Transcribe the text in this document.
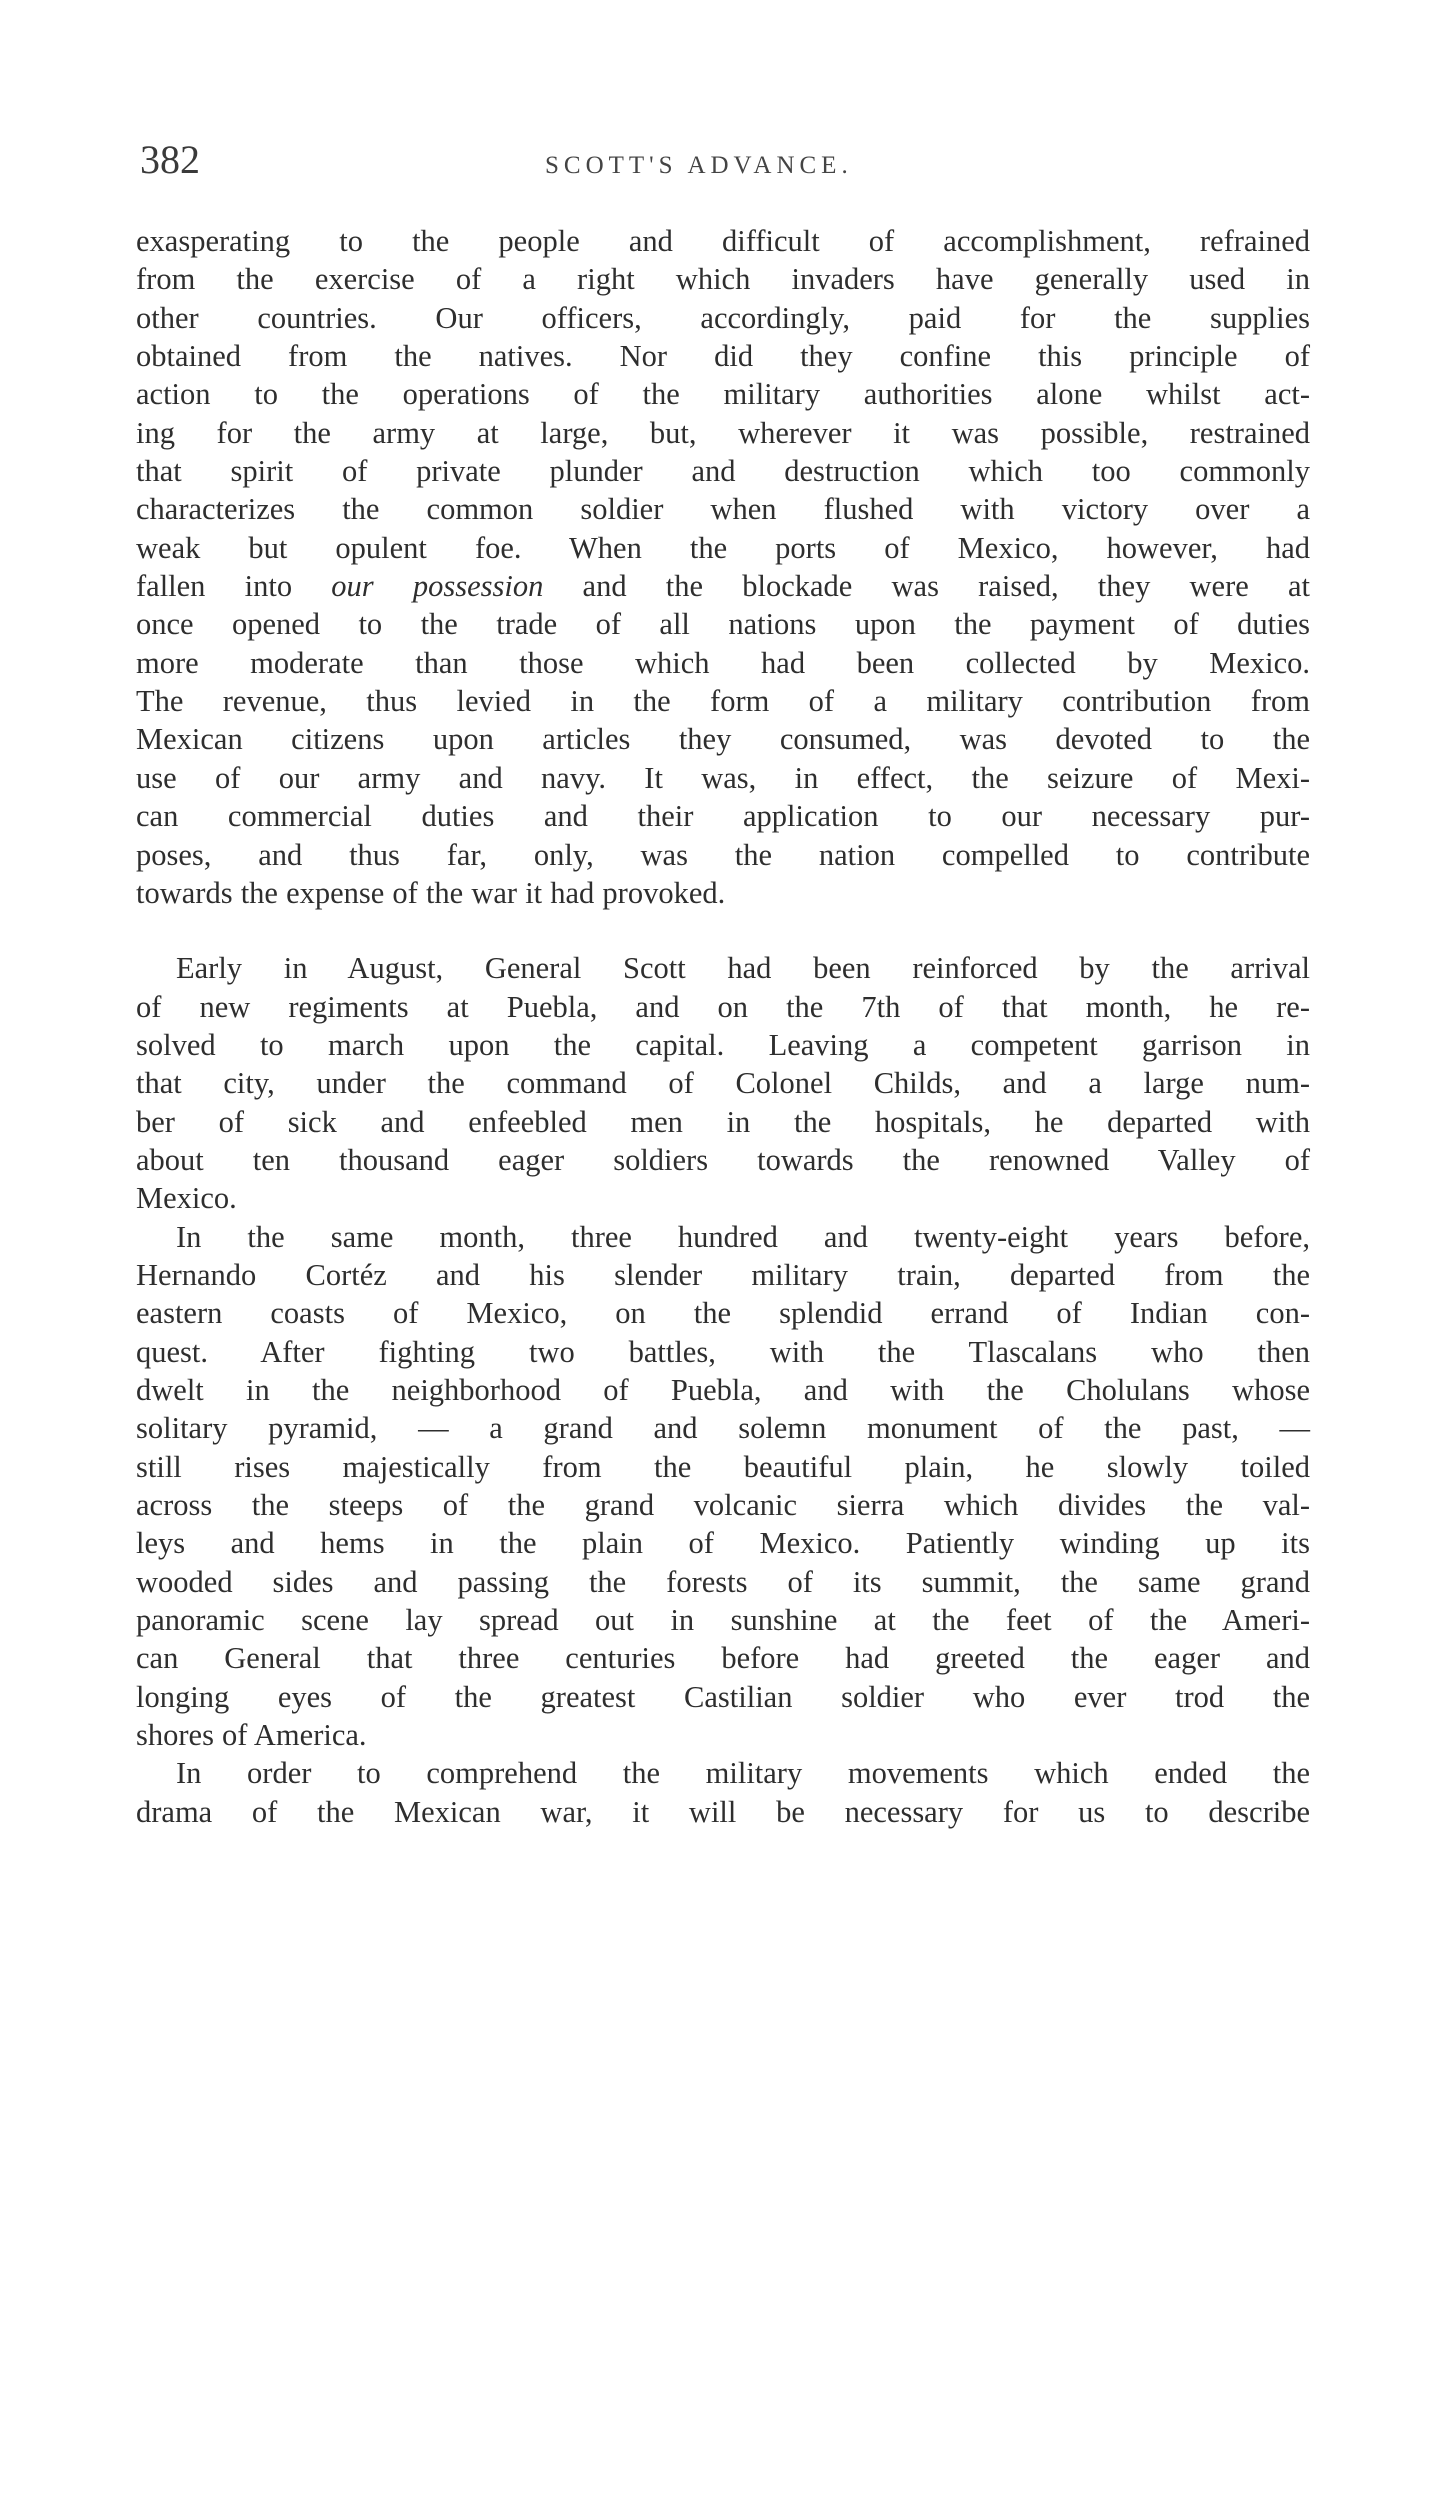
382	SCOTT'S ADVANCE.

exasperating to the people and difficult of accomplishment, refrained
from the exercise of a right which invaders have generally used in
other countries. Our officers, accordingly, paid for the supplies
obtained from the natives. Nor did they confine this principle of
action to the operations of the military authorities alone whilst act-
ing for the army at large, but, wherever it was possible, restrained
that spirit of private plunder and destruction which too commonly
characterizes the common soldier when flushed with victory over a
weak but opulent foe. When the ports of Mexico, however, had
fallen into our possession and the blockade was raised, they were at
once opened to the trade of all nations upon the payment of duties
more moderate than those which had been collected by Mexico.
The revenue, thus levied in the form of a military contribution from
Mexican citizens upon articles they consumed, was devoted to the
use of our army and navy. It was, in effect, the seizure of Mexi-
can commercial duties and their application to our necessary pur-
poses, and thus far, only, was the nation compelled to contribute
towards the expense of the war it had provoked.

Early in August, General Scott had been reinforced by the arrival
of new regiments at Puebla, and on the 7th of that month, he re-
solved to march upon the capital. Leaving a competent garrison in
that city, under the command of Colonel Childs, and a large num-
ber of sick and enfeebled men in the hospitals, he departed with
about ten thousand eager soldiers towards the renowned Valley of
Mexico.

In the same month, three hundred and twenty-eight years before,
Hernando Cortéz and his slender military train, departed from the
eastern coasts of Mexico, on the splendid errand of Indian con-
quest. After fighting two battles, with the Tlascalans who then
dwelt in the neighborhood of Puebla, and with the Cholulans whose
solitary pyramid, — a grand and solemn monument of the past, —
still rises majestically from the beautiful plain, he slowly toiled
across the steeps of the grand volcanic sierra which divides the val-
leys and hems in the plain of Mexico. Patiently winding up its
wooded sides and passing the forests of its summit, the same grand
panoramic scene lay spread out in sunshine at the feet of the Ameri-
can General that three centuries before had greeted the eager and
longing eyes of the greatest Castilian soldier who ever trod the
shores of America.

In order to comprehend the military movements which ended the
drama of the Mexican war, it will be necessary for us to describe
